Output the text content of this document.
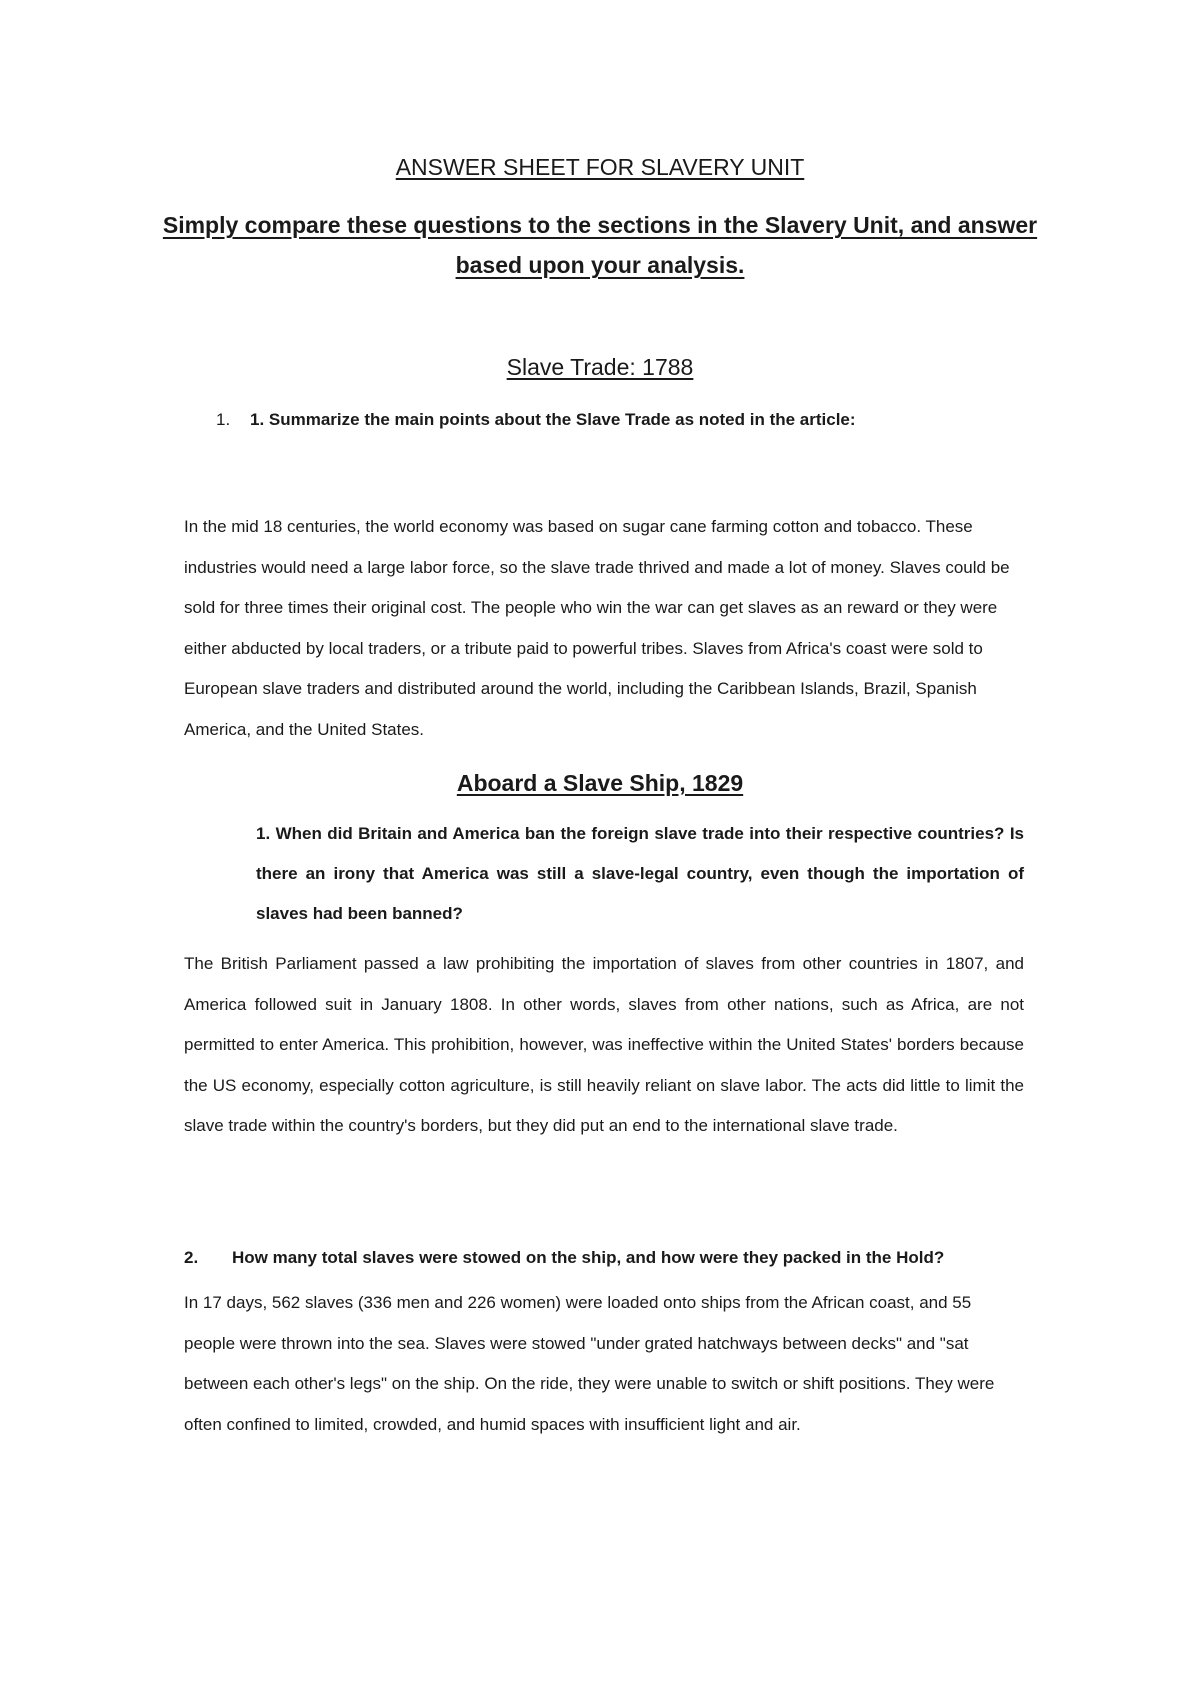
ANSWER SHEET FOR SLAVERY UNIT

Simply compare these questions to the sections in the Slavery Unit, and answer based upon your analysis.

Slave Trade: 1788

1. 1. Summarize the main points about the Slave Trade as noted in the article:

In the mid 18 centuries, the world economy was based on sugar cane farming cotton and tobacco. These industries would need a large labor force, so the slave trade thrived and made a lot of money. Slaves could be sold for three times their original cost. The people who win the war can get slaves as an reward or they were either abducted by local traders, or a tribute paid to powerful tribes. Slaves from Africa's coast were sold to European slave traders and distributed around the world, including the Caribbean Islands, Brazil, Spanish America, and the United States.

Aboard a Slave Ship, 1829

1. When did Britain and America ban the foreign slave trade into their respective countries? Is there an irony that America was still a slave-legal country, even though the importation of slaves had been banned?

The British Parliament passed a law prohibiting the importation of slaves from other countries in 1807, and America followed suit in January 1808. In other words, slaves from other nations, such as Africa, are not permitted to enter America. This prohibition, however, was ineffective within the United States' borders because the US economy, especially cotton agriculture, is still heavily reliant on slave labor. The acts did little to limit the slave trade within the country's borders, but they did put an end to the international slave trade.

2. How many total slaves were stowed on the ship, and how were they packed in the Hold?

In 17 days, 562 slaves (336 men and 226 women) were loaded onto ships from the African coast, and 55 people were thrown into the sea. Slaves were stowed "under grated hatchways between decks" and "sat between each other's legs" on the ship. On the ride, they were unable to switch or shift positions. They were often confined to limited, crowded, and humid spaces with insufficient light and air.
